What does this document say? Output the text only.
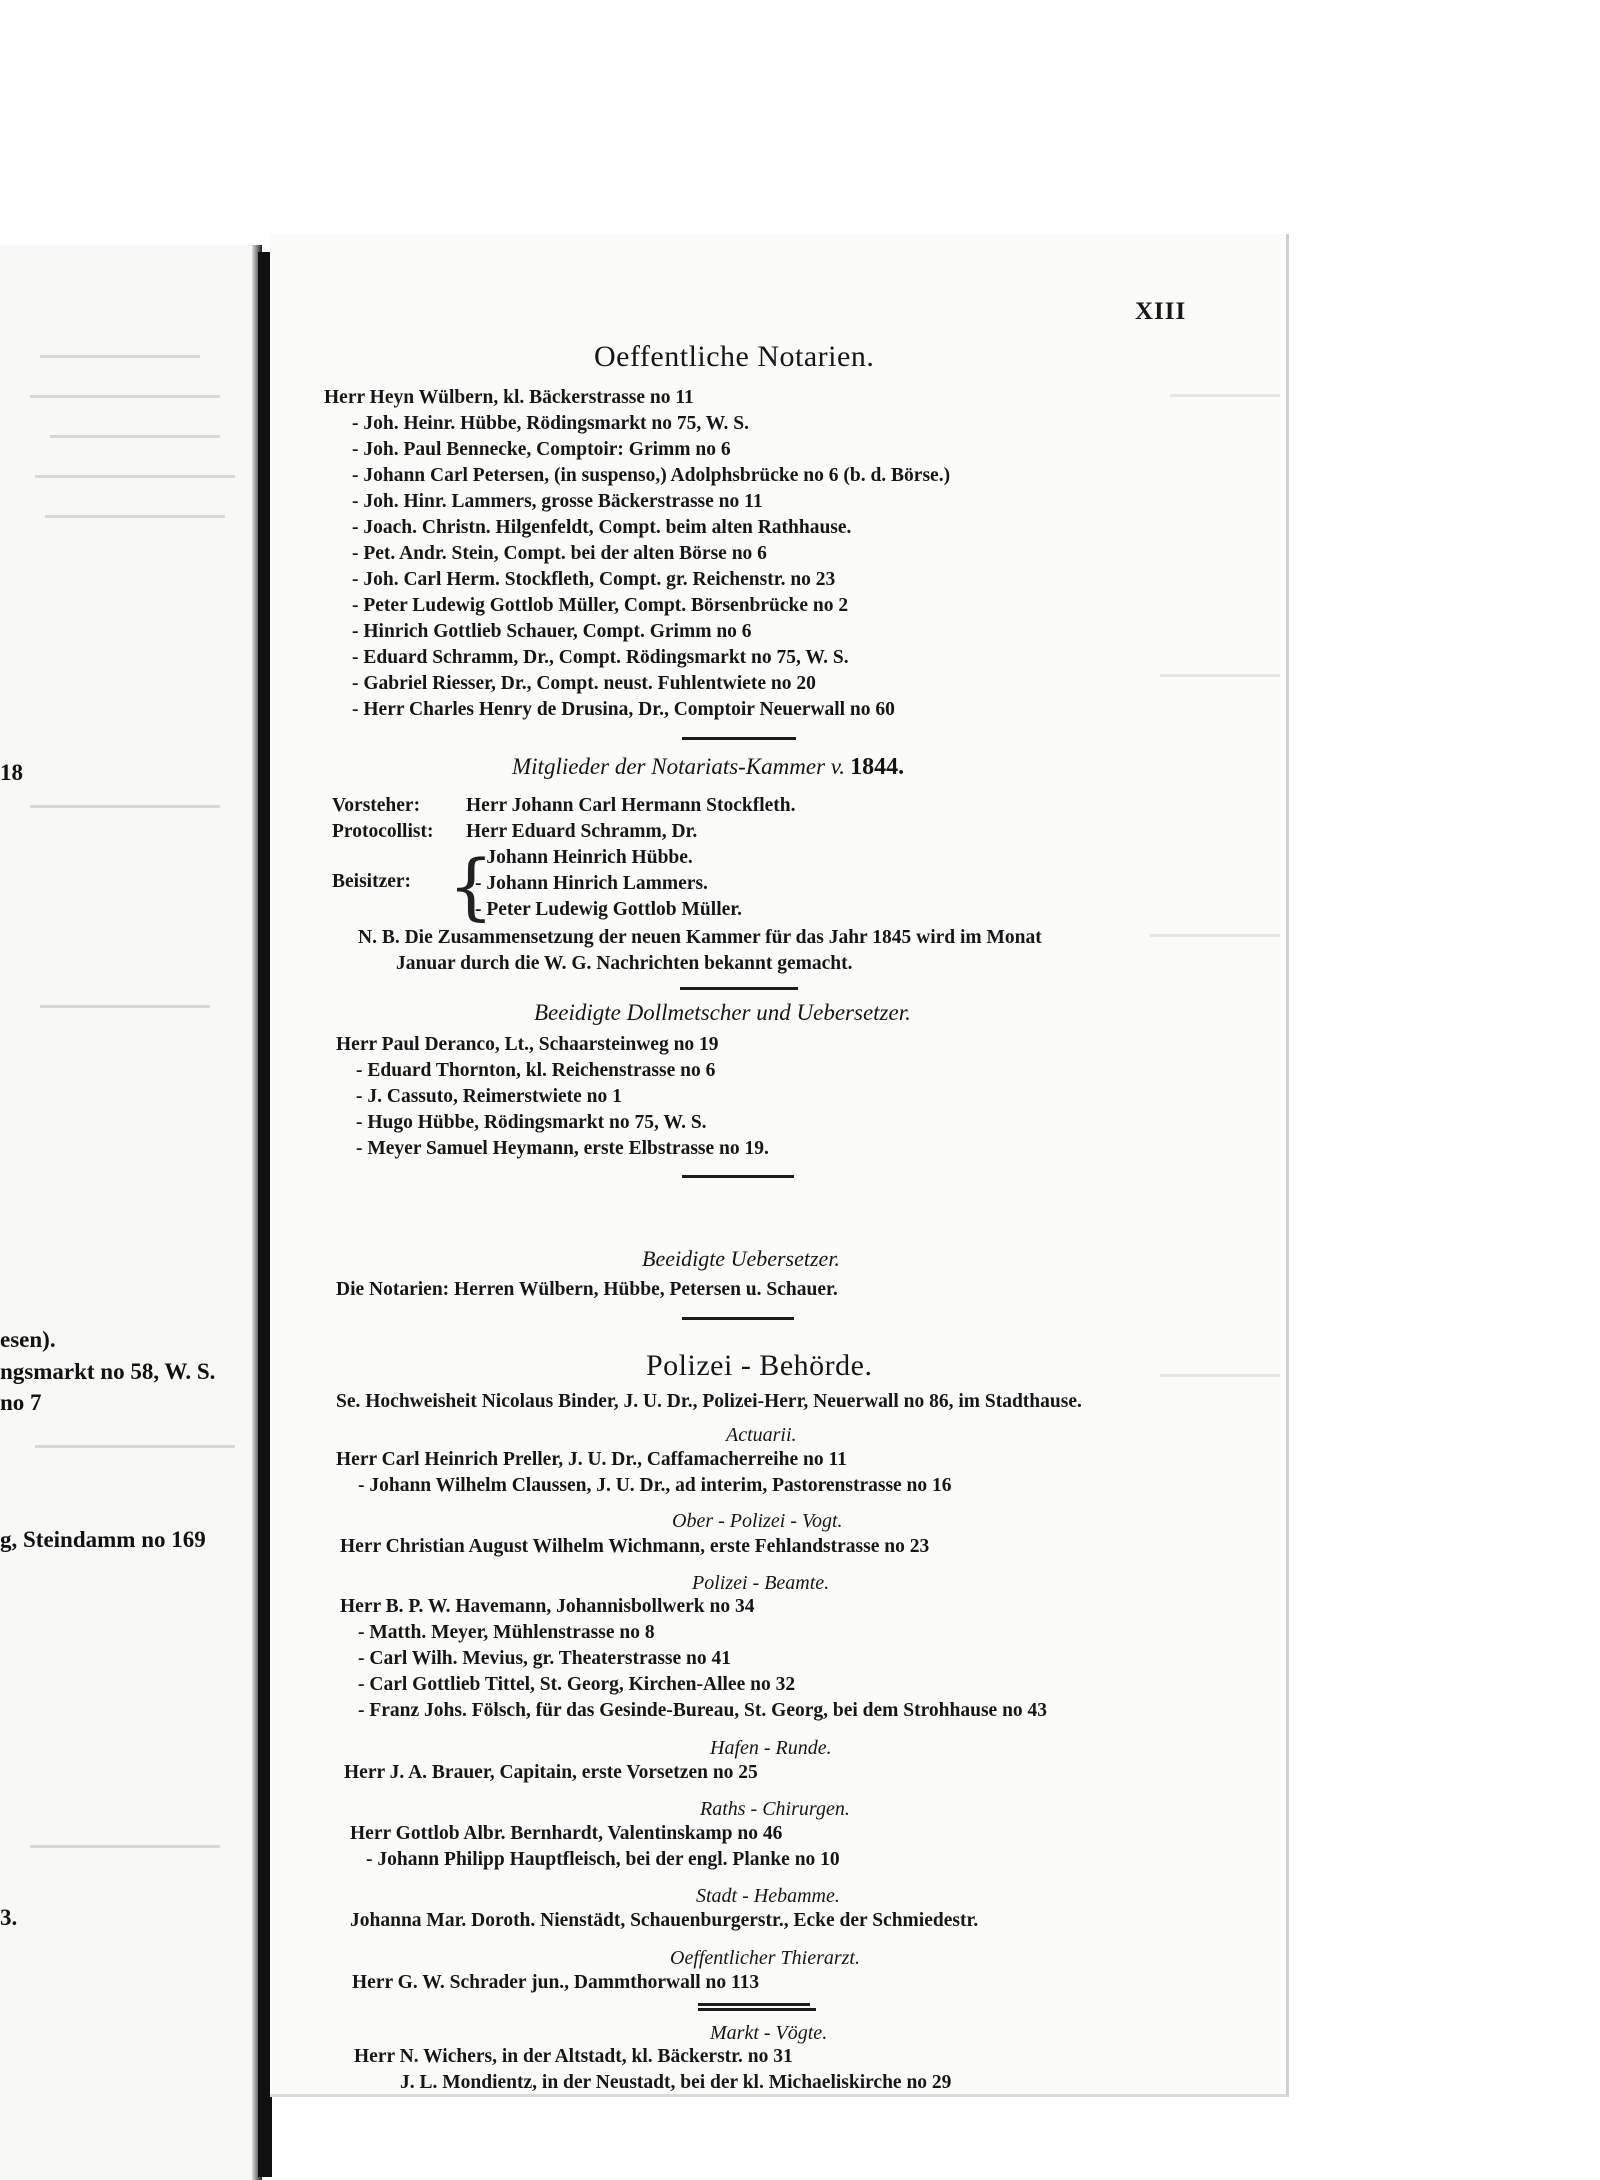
18
esen).
ngsmarkt no 58, W. S.
no 7
g, Steindamm no 169
3.
XIII
Oeffentliche Notarien.
Herr Heyn Wülbern, kl. Bäckerstrasse no 11
- Joh. Heinr. Hübbe, Rödingsmarkt no 75, W. S.
- Joh. Paul Bennecke, Comptoir: Grimm no 6
- Johann Carl Petersen, (in suspenso,) Adolphsbrücke no 6 (b. d. Börse.)
- Joh. Hinr. Lammers, grosse Bäckerstrasse no 11
- Joach. Christn. Hilgenfeldt, Compt. beim alten Rathhause.
- Pet. Andr. Stein, Compt. bei der alten Börse no 6
- Joh. Carl Herm. Stockfleth, Compt. gr. Reichenstr. no 23
- Peter Ludewig Gottlob Müller, Compt. Börsenbrücke no 2
- Hinrich Gottlieb Schauer, Compt. Grimm no 6
- Eduard Schramm, Dr., Compt. Rödingsmarkt no 75, W. S.
- Gabriel Riesser, Dr., Compt. neust. Fuhlentwiete no 20
- Herr Charles Henry de Drusina, Dr., Comptoir Neuerwall no 60
Mitglieder der Notariats-Kammer v. 1844.
Vorsteher: Herr Johann Carl Hermann Stockfleth.
Protocollist: Herr Eduard Schramm, Dr.
Beisitzer: {
- Johann Heinrich Hübbe.
- Johann Hinrich Lammers.
- Peter Ludewig Gottlob Müller.
N. B. Die Zusammensetzung der neuen Kammer für das Jahr 1845 wird im Monat
Januar durch die W. G. Nachrichten bekannt gemacht.
Beeidigte Dollmetscher und Uebersetzer.
Herr Paul Deranco, Lt., Schaarsteinweg no 19
- Eduard Thornton, kl. Reichenstrasse no 6
- J. Cassuto, Reimerstwiete no 1
- Hugo Hübbe, Rödingsmarkt no 75, W. S.
- Meyer Samuel Heymann, erste Elbstrasse no 19.
Beeidigte Uebersetzer.
Die Notarien: Herren Wülbern, Hübbe, Petersen u. Schauer.
Polizei - Behörde.
Se. Hochweisheit Nicolaus Binder, J. U. Dr., Polizei-Herr, Neuerwall no 86, im Stadthause.
Actuarii.
Herr Carl Heinrich Preller, J. U. Dr., Caffamacherreihe no 11
- Johann Wilhelm Claussen, J. U. Dr., ad interim, Pastorenstrasse no 16
Ober - Polizei - Vogt.
Herr Christian August Wilhelm Wichmann, erste Fehlandstrasse no 23
Polizei - Beamte.
Herr B. P. W. Havemann, Johannisbollwerk no 34
- Matth. Meyer, Mühlenstrasse no 8
- Carl Wilh. Mevius, gr. Theaterstrasse no 41
- Carl Gottlieb Tittel, St. Georg, Kirchen-Allee no 32
- Franz Johs. Fölsch, für das Gesinde-Bureau, St. Georg, bei dem Strohhause no 43
Hafen - Runde.
Herr J. A. Brauer, Capitain, erste Vorsetzen no 25
Raths - Chirurgen.
Herr Gottlob Albr. Bernhardt, Valentinskamp no 46
- Johann Philipp Hauptfleisch, bei der engl. Planke no 10
Stadt - Hebamme.
Johanna Mar. Doroth. Nienstädt, Schauenburgerstr., Ecke der Schmiedestr.
Oeffentlicher Thierarzt.
Herr G. W. Schrader jun., Dammthorwall no 113
Markt - Vögte.
Herr N. Wichers, in der Altstadt, kl. Bäckerstr. no 31
J. L. Mondientz, in der Neustadt, bei der kl. Michaeliskirche no 29
